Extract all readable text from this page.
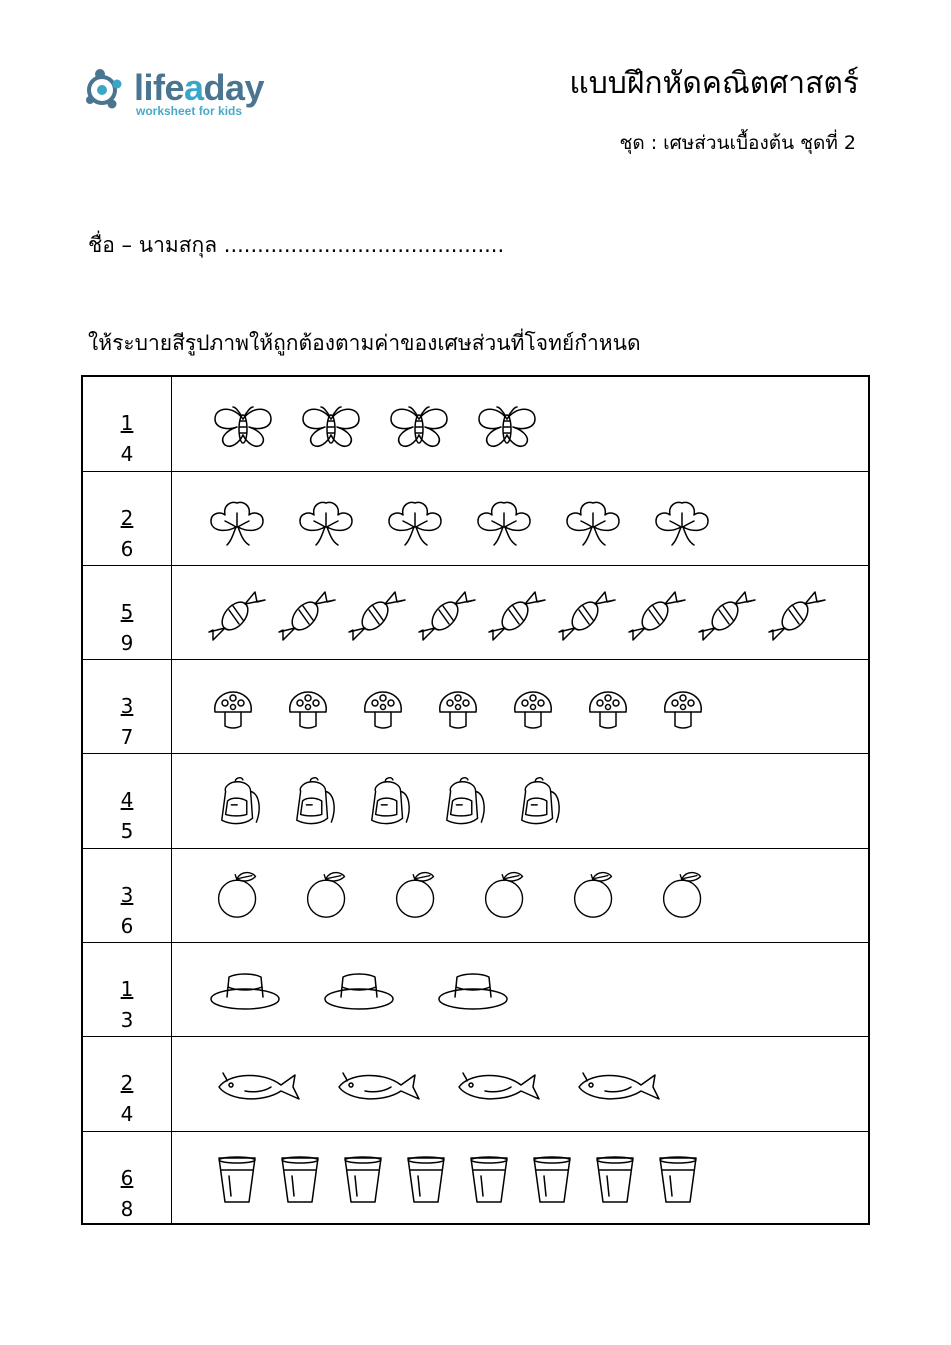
lifeaday
worksheet for kids
แบบฝึกหัดคณิตศาสตร์
ชุด : เศษส่วนเบื้องต้น ชุดที่ 2
ชื่อ – นามสกุล ..........................................
ให้ระบายสีรูปภาพให้ถูกต้องตามค่าของเศษส่วนที่โจทย์กำหนด
1
4
2
6
5
9
3
7
4
5
3
6
1
3
2
4
6
8
